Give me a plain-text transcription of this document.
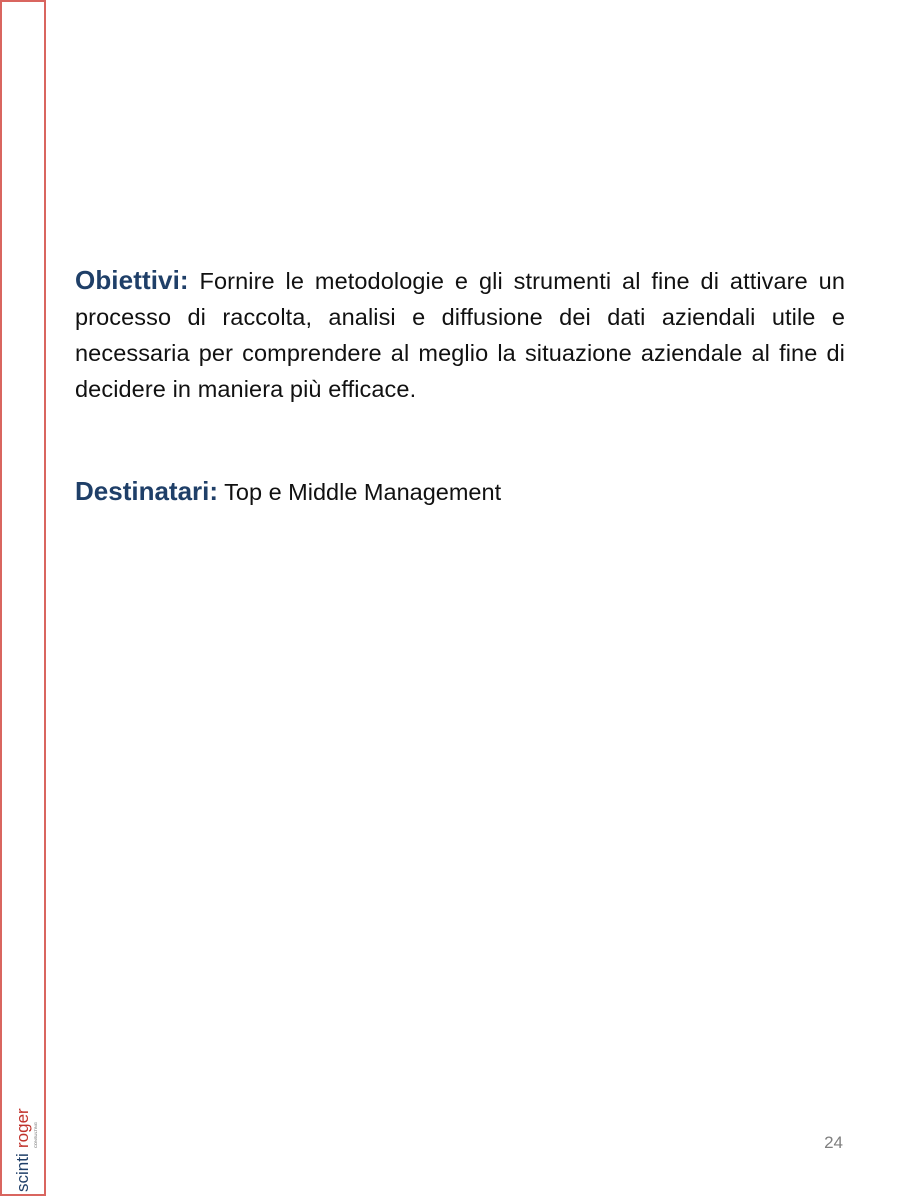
scinti
roger CONSULTING

Obiettivi: Fornire le metodologie e gli strumenti al fine di attivare un processo di raccolta, analisi e diffusione dei dati aziendali utile e necessaria per comprendere al meglio la situazione aziendale al fine di decidere in maniera più efficace.

Destinatari: Top e Middle Management

24
